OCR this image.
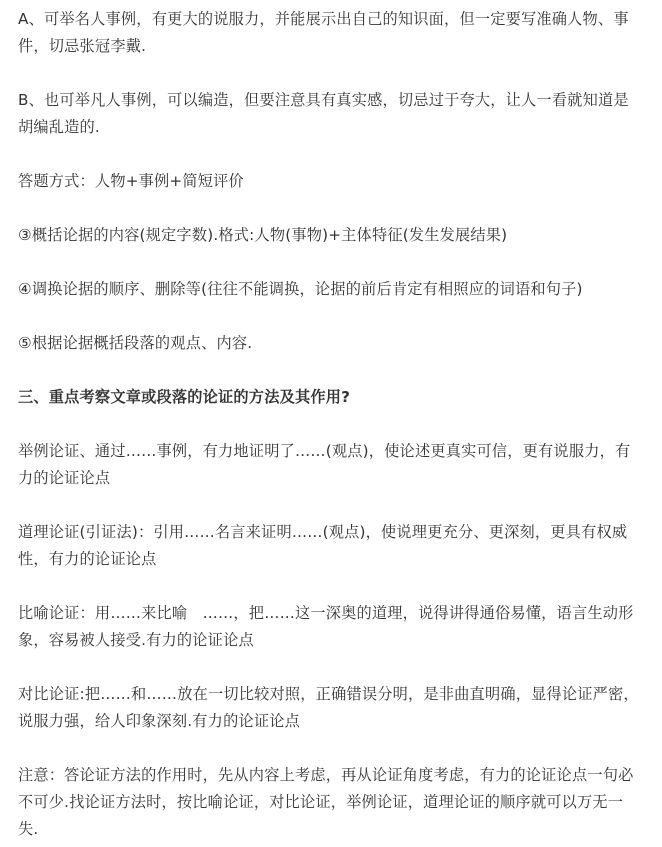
A、可举名人事例，有更大的说服力，并能展示出自己的知识面，但一定要写准确人物、事件，切忌张冠李戴.

B、也可举凡人事例，可以编造，但要注意具有真实感，切忌过于夸大，让人一看就知道是胡编乱造的.

答题方式：人物+事例+简短评价

③概括论据的内容(规定字数).格式:人物(事物)+主体特征(发生发展结果)

④调换论据的顺序、删除等(往往不能调换，论据的前后肯定有相照应的词语和句子)

⑤根据论据概括段落的观点、内容.

三、重点考察文章或段落的论证的方法及其作用?

举例论证、通过……事例，有力地证明了……(观点)，使论述更真实可信，更有说服力，有力的论证论点

道理论证(引证法)：引用……名言来证明……(观点)，使说理更充分、更深刻，更具有权威性，有力的论证论点

比喻论证：用……来比喻　……，把……这一深奥的道理，说得讲得通俗易懂，语言生动形象，容易被人接受.有力的论证论点

对比论证:把……和……放在一切比较对照，正确错误分明，是非曲直明确，显得论证严密，说服力强，给人印象深刻.有力的论证论点

注意：答论证方法的作用时，先从内容上考虑，再从论证角度考虑，有力的论证论点一句必不可少.找论证方法时，按比喻论证，对比论证，举例论证，道理论证的顺序就可以万无一失.
